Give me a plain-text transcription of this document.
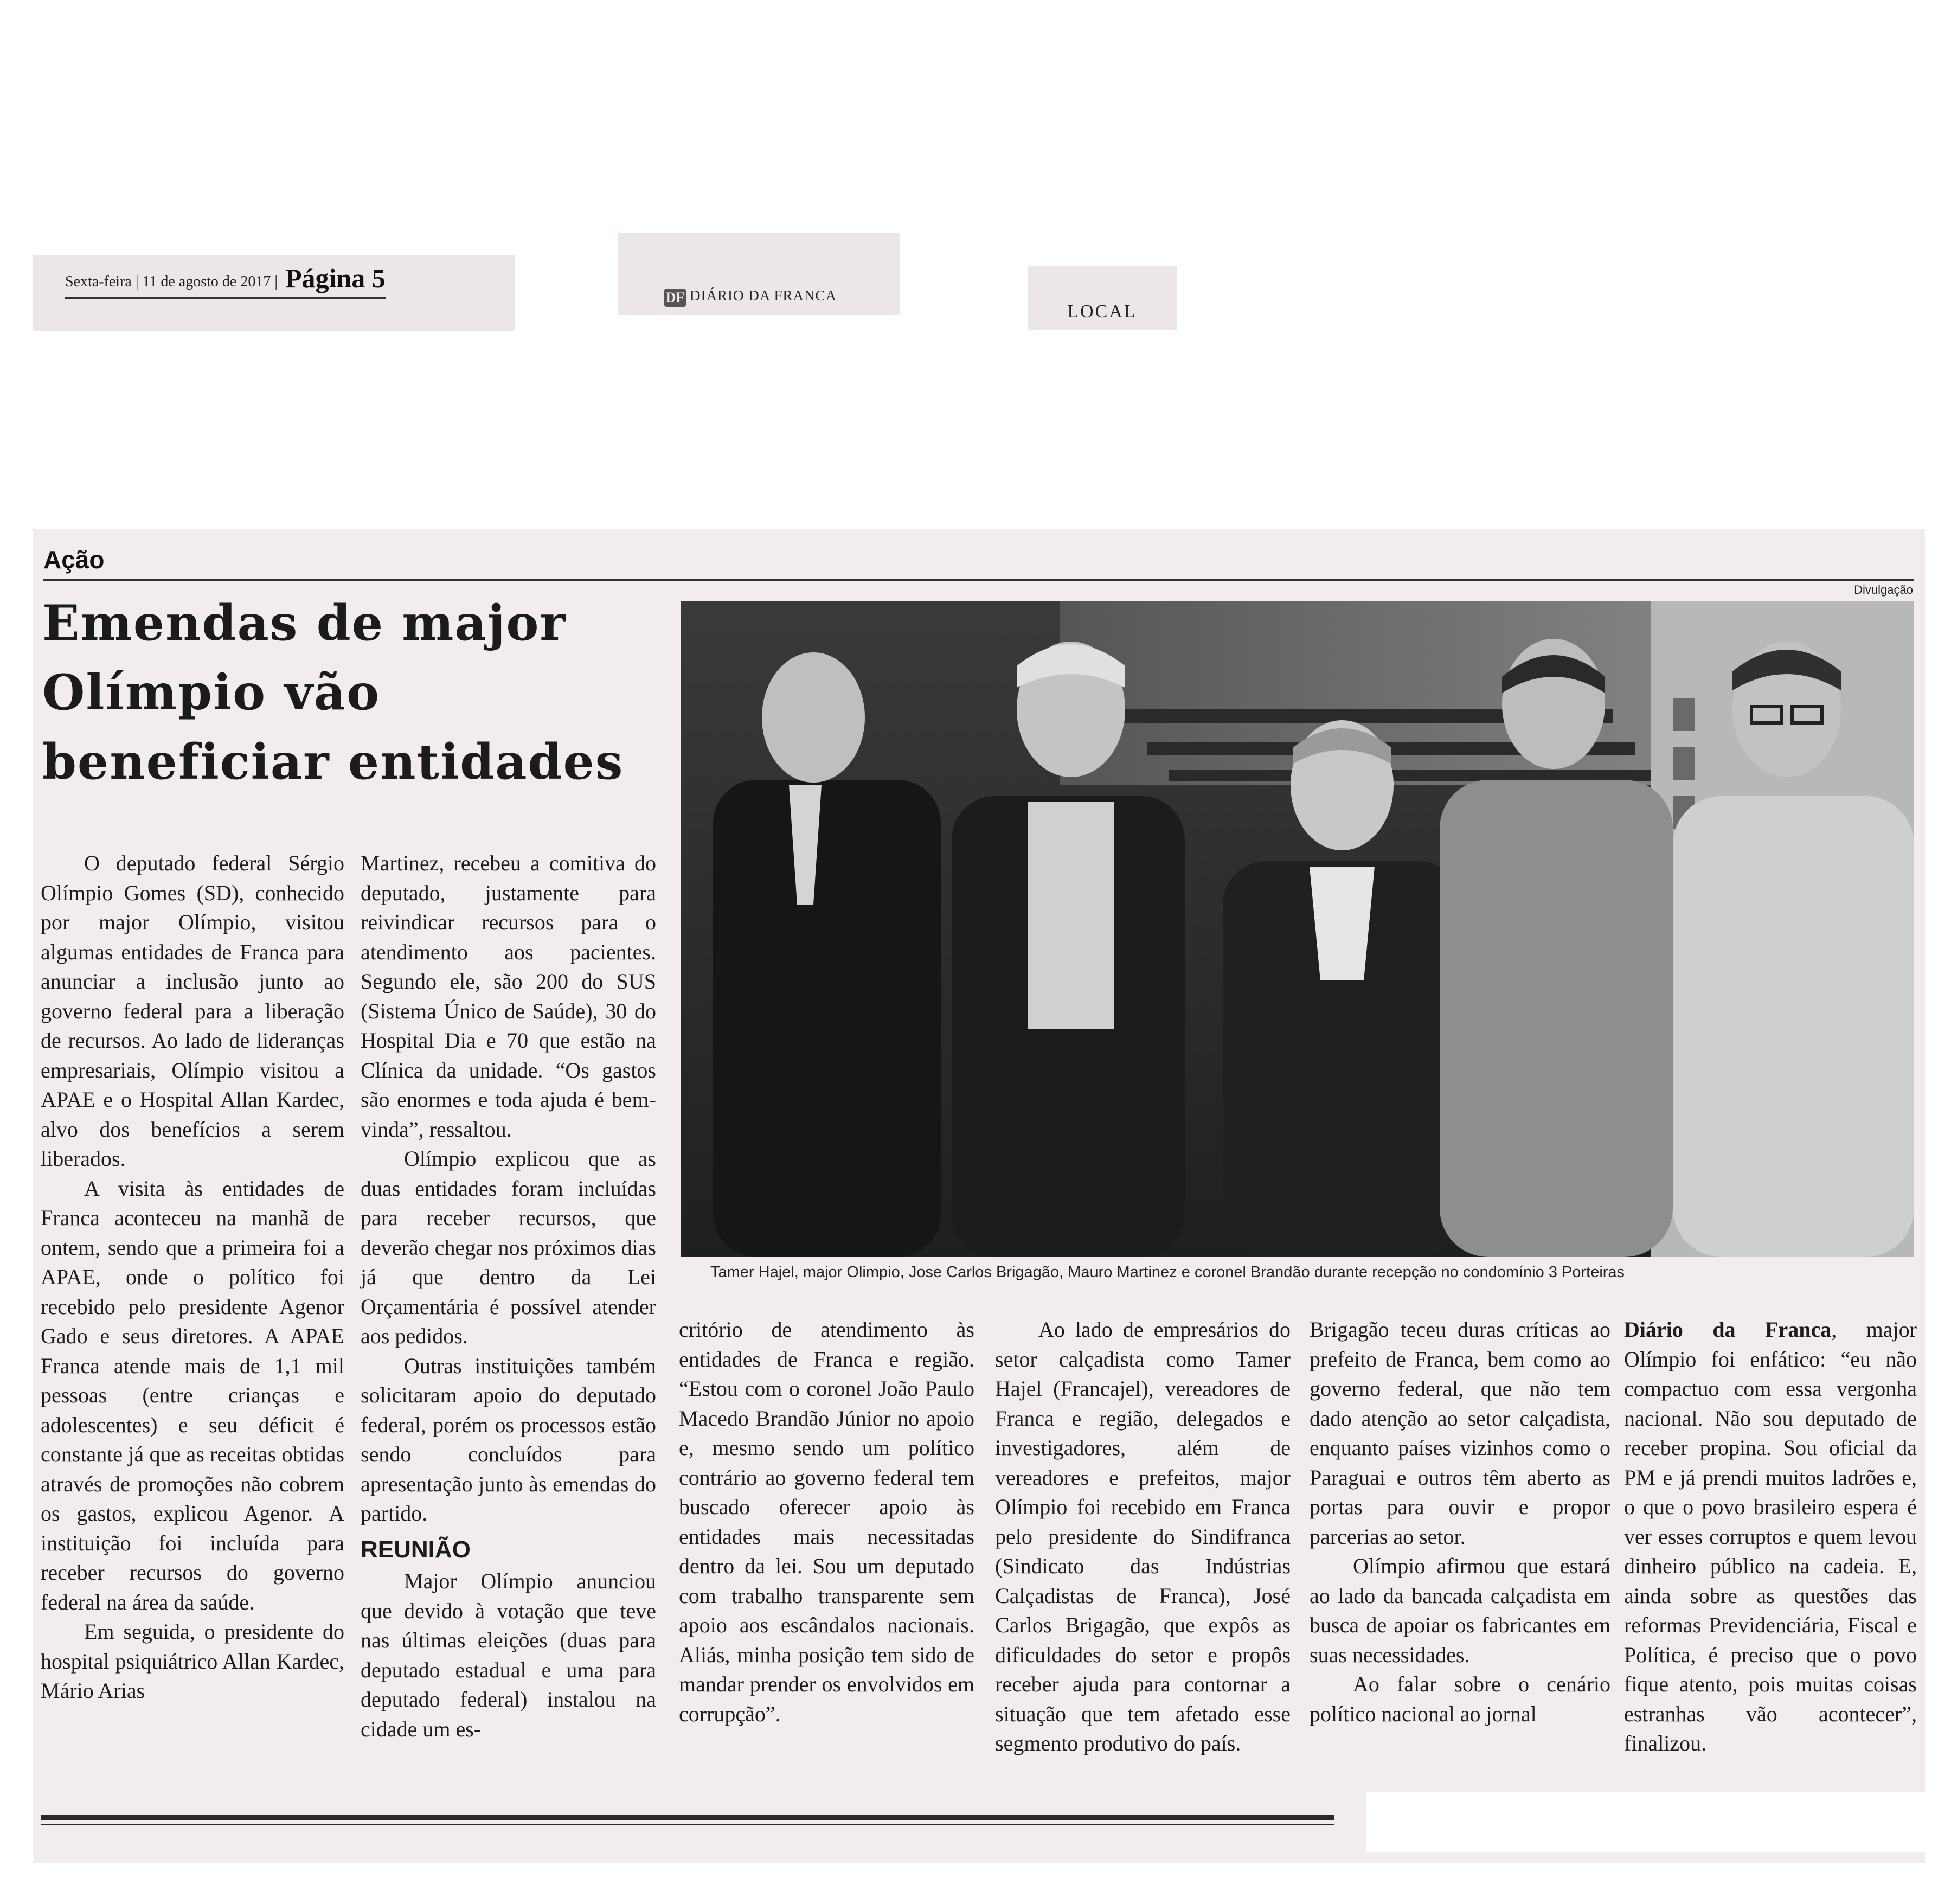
Sexta-feira | 11 de agosto de 2017 | Página 5
DF DIÁRIO DA FRANCA
LOCAL
Ação
Divulgação
Emendas de major Olímpio vão beneficiar entidades
Tamer Hajel, major Olimpio, Jose Carlos Brigagão, Mauro Martinez e coronel Brandão durante recepção no condomínio 3 Porteiras

O deputado federal Sérgio Olímpio Gomes (SD), conhecido por major Olímpio, visitou algumas entidades de Franca para anunciar a inclusão junto ao governo federal para a liberação de recursos. Ao lado de lideranças empresariais, Olímpio visitou a APAE e o Hospital Allan Kardec, alvo dos benefícios a serem liberados.

A visita às entidades de Franca aconteceu na manhã de ontem, sendo que a primeira foi a APAE, onde o político foi recebido pelo presidente Agenor Gado e seus diretores. A APAE Franca atende mais de 1,1 mil pessoas (entre crianças e adolescentes) e seu déficit é constante já que as receitas obtidas através de promoções não cobrem os gastos, explicou Agenor. A instituição foi incluída para receber recursos do governo federal na área da saúde.

Em seguida, o presidente do hospital psiquiátrico Allan Kardec, Mário Arias

Martinez, recebeu a comitiva do deputado, justamente para reivindicar recursos para o atendimento aos pacientes. Segundo ele, são 200 do SUS (Sistema Único de Saúde), 30 do Hospital Dia e 70 que estão na Clínica da unidade. “Os gastos são enormes e toda ajuda é bem-vinda”, ressaltou.

Olímpio explicou que as duas entidades foram incluídas para receber recursos, que deverão chegar nos próximos dias já que dentro da Lei Orçamentária é possível atender aos pedidos.

Outras instituições também solicitaram apoio do deputado federal, porém os processos estão sendo concluídos para apresentação junto às emendas do partido.

REUNIÃO

Major Olímpio anunciou que devido à votação que teve nas últimas eleições (duas para deputado estadual e uma para deputado federal) instalou na cidade um es-

critório de atendimento às entidades de Franca e região. “Estou com o coronel João Paulo Macedo Brandão Júnior no apoio e, mesmo sendo um político contrário ao governo federal tem buscado oferecer apoio às entidades mais necessitadas dentro da lei. Sou um deputado com trabalho transparente sem apoio aos escândalos nacionais. Aliás, minha posição tem sido de mandar prender os envolvidos em corrupção”.

Ao lado de empresários do setor calçadista como Tamer Hajel (Francajel), vereadores de Franca e região, delegados e investigadores, além de vereadores e prefeitos, major Olímpio foi recebido em Franca pelo presidente do Sindifranca (Sindicato das Indústrias Calçadistas de Franca), José Carlos Brigagão, que expôs as dificuldades do setor e propôs receber ajuda para contornar a situação que tem afetado esse segmento produtivo do país.

Brigagão teceu duras críticas ao prefeito de Franca, bem como ao governo federal, que não tem dado atenção ao setor calçadista, enquanto países vizinhos como o Paraguai e outros têm aberto as portas para ouvir e propor parcerias ao setor.

Olímpio afirmou que estará ao lado da bancada calçadista em busca de apoiar os fabricantes em suas necessidades.

Ao falar sobre o cenário político nacional ao jornal

Diário da Franca, major Olímpio foi enfático: “eu não compactuo com essa vergonha nacional. Não sou deputado de receber propina. Sou oficial da PM e já prendi muitos ladrões e, o que o povo brasileiro espera é ver esses corruptos e quem levou dinheiro público na cadeia. E, ainda sobre as questões das reformas Previdenciária, Fiscal e Política, é preciso que o povo fique atento, pois muitas coisas estranhas vão acontecer”, finalizou.
